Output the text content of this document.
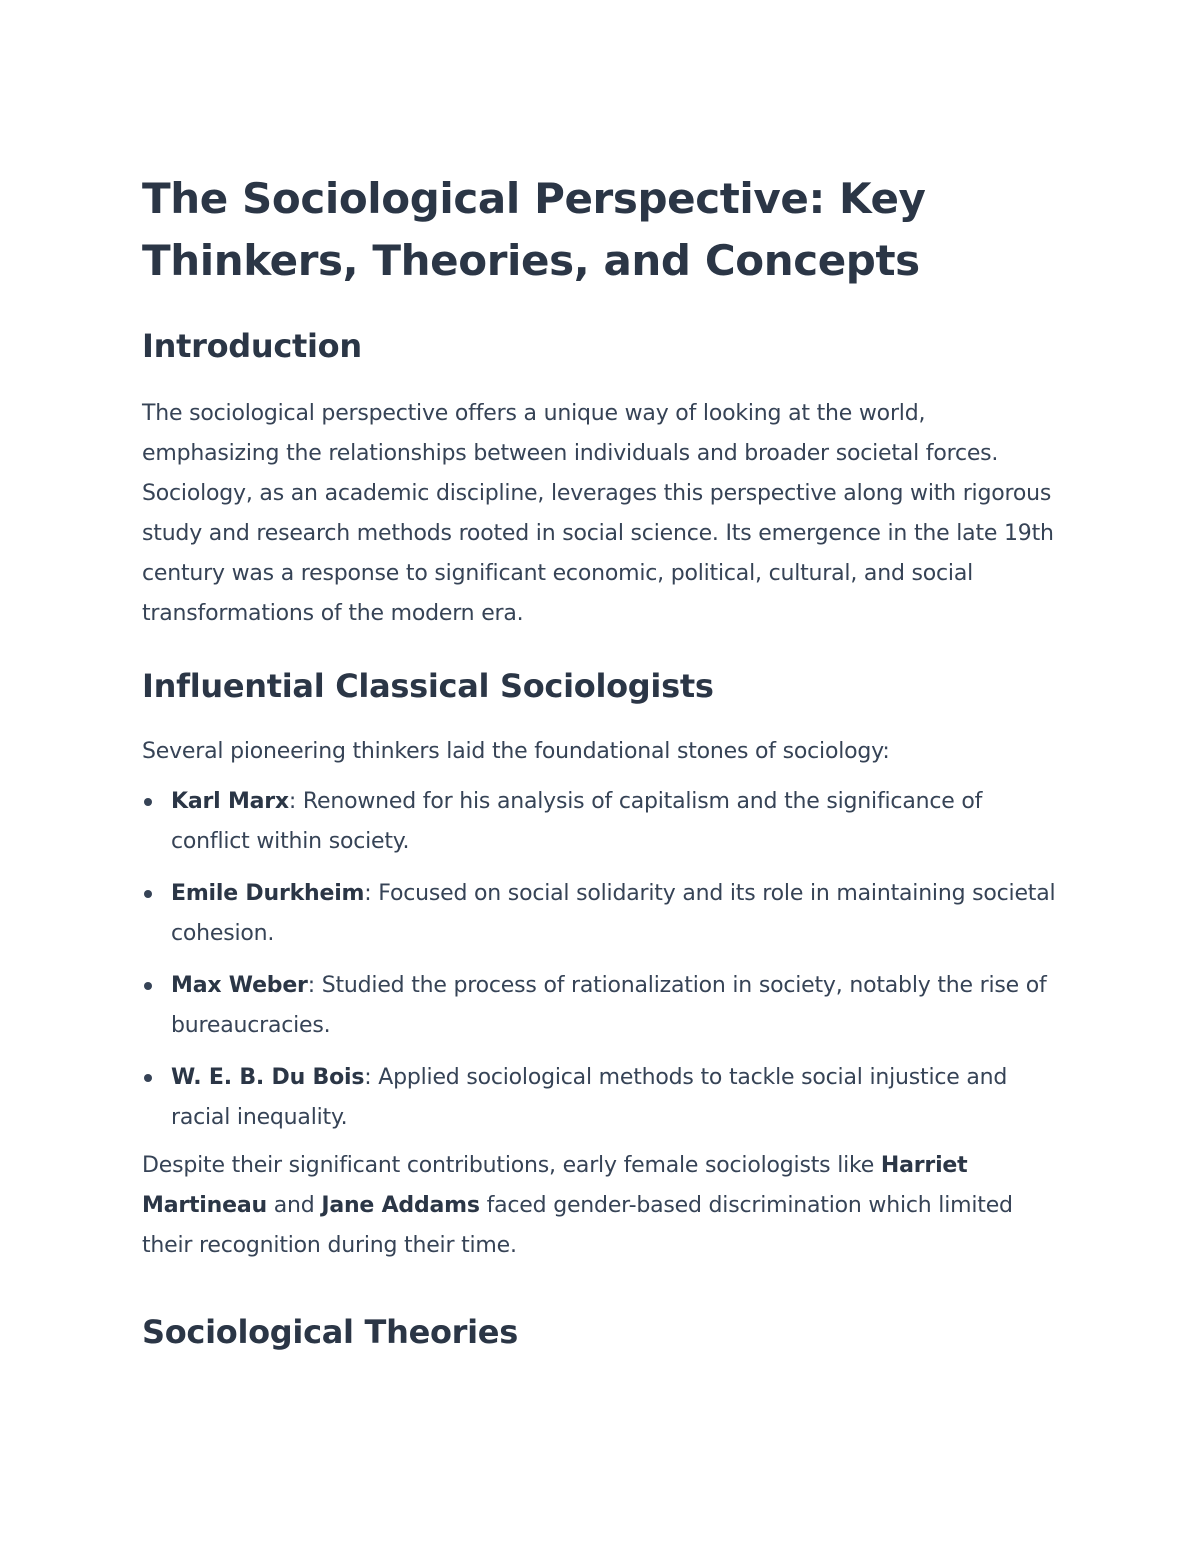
The Sociological Perspective: Key Thinkers, Theories, and Concepts
Introduction

The sociological perspective offers a unique way of looking at the world, emphasizing the relationships between individuals and broader societal forces. Sociology, as an academic discipline, leverages this perspective along with rigorous study and research methods rooted in social science. Its emergence in the late 19th century was a response to significant economic, political, cultural, and social transformations of the modern era.

Influential Classical Sociologists

Several pioneering thinkers laid the foundational stones of sociology:

Karl Marx: Renowned for his analysis of capitalism and the significance of conflict within society.
Emile Durkheim: Focused on social solidarity and its role in maintaining societal cohesion.
Max Weber: Studied the process of rationalization in society, notably the rise of bureaucracies.
W. E. B. Du Bois: Applied sociological methods to tackle social injustice and racial inequality.

Despite their significant contributions, early female sociologists like Harriet Martineau and Jane Addams faced gender-based discrimination which limited their recognition during their time.

Sociological Theories
